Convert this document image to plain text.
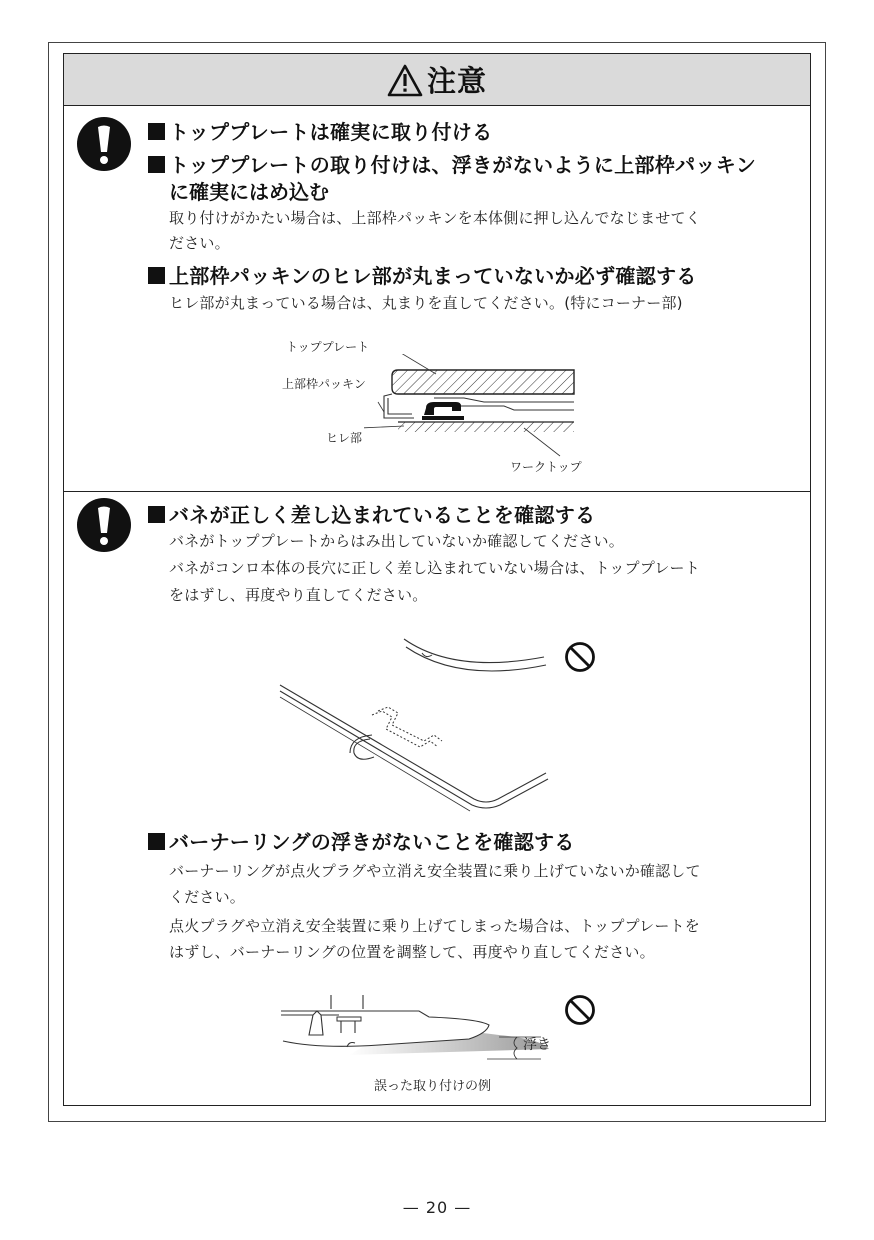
注意
トッププレートは確実に取り付ける
トッププレートの取り付けは、浮きがないように上部枠パッキン
に確実にはめ込む
取り付けがかたい場合は、上部枠パッキンを本体側に押し込んでなじませてく
ださい。
上部枠パッキンのヒレ部が丸まっていないか必ず確認する
ヒレ部が丸まっている場合は、丸まりを直してください。(特にコーナー部)
トッププレート
上部枠パッキン
ヒレ部
ワークトップ
バネが正しく差し込まれていることを確認する
バネがトッププレートからはみ出していないか確認してください。
バネがコンロ本体の長穴に正しく差し込まれていない場合は、トッププレート
をはずし、再度やり直してください。
バーナーリングの浮きがないことを確認する
バーナーリングが点火プラグや立消え安全装置に乗り上げていないか確認して
ください。
点火プラグや立消え安全装置に乗り上げてしまった場合は、トッププレートを
はずし、バーナーリングの位置を調整して、再度やり直してください。
浮き
誤った取り付けの例
— 20 —
